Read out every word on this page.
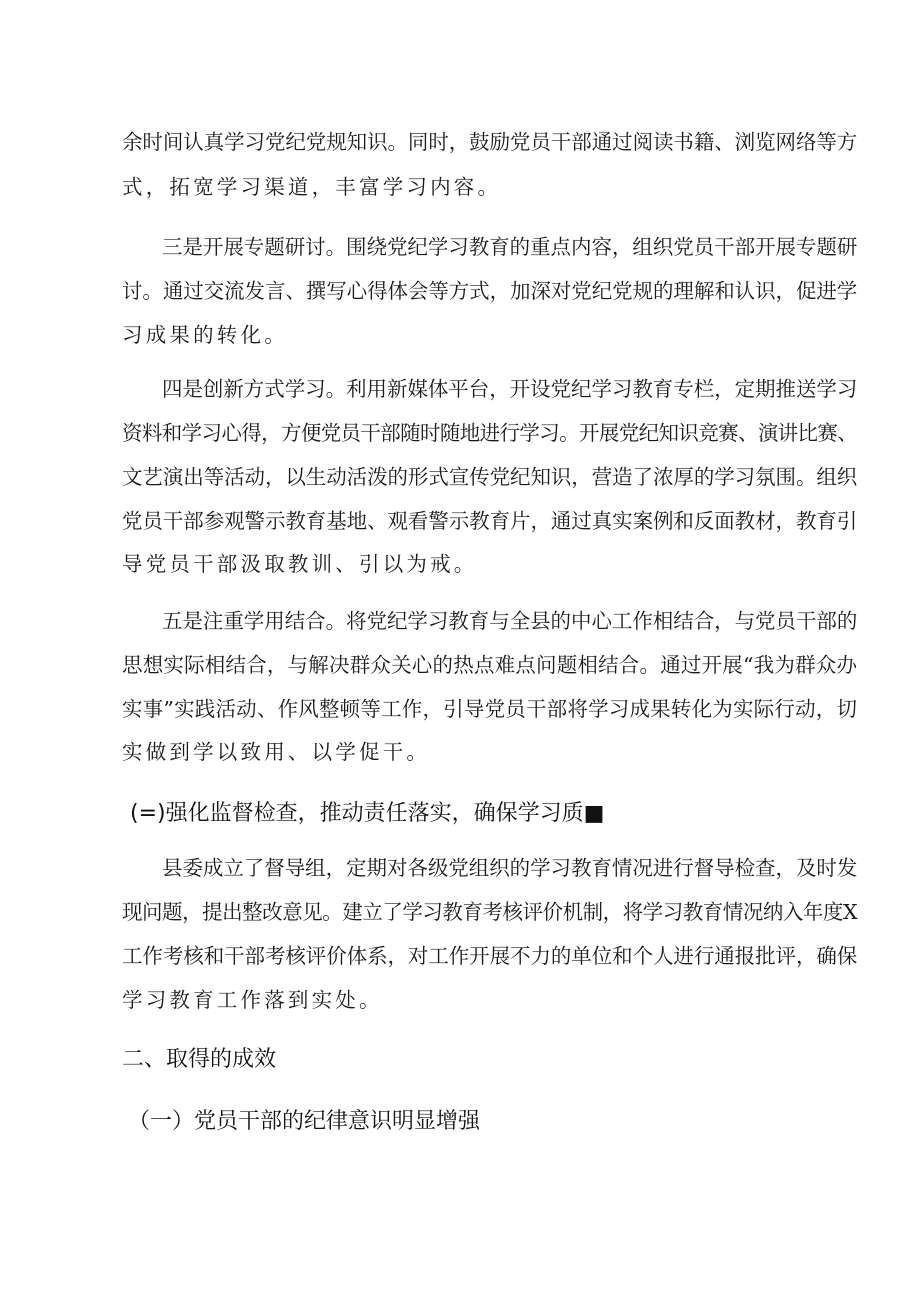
余时间认真学习党纪党规知识。同时，鼓励党员干部通过阅读书籍、浏览网络等方
式，拓宽学习渠道，丰富学习内容。
三是开展专题研讨。围绕党纪学习教育的重点内容，组织党员干部开展专题研
讨。通过交流发言、撰写心得体会等方式，加深对党纪党规的理解和认识，促进学
习成果的转化。
四是创新方式学习。利用新媒体平台，开设党纪学习教育专栏，定期推送学习
资料和学习心得，方便党员干部随时随地进行学习。开展党纪知识竞赛、演讲比赛、
文艺演出等活动，以生动活泼的形式宣传党纪知识，营造了浓厚的学习氛围。组织
党员干部参观警示教育基地、观看警示教育片，通过真实案例和反面教材，教育引
导党员干部汲取教训、引以为戒。
五是注重学用结合。将党纪学习教育与全县的中心工作相结合，与党员干部的
思想实际相结合，与解决群众关心的热点难点问题相结合。通过开展“我为群众办
实事”实践活动、作风整顿等工作，引导党员干部将学习成果转化为实际行动，切
实做到学以致用、以学促干。
(=)强化监督检查，推动责任落实，确保学习质■
县委成立了督导组，定期对各级党组织的学习教育情况进行督导检查，及时发
现问题，提出整改意见。建立了学习教育考核评价机制，将学习教育情况纳入年度X
工作考核和干部考核评价体系，对工作开展不力的单位和个人进行通报批评，确保
学习教育工作落到实处。
二、取得的成效
（一）党员干部的纪律意识明显增强
